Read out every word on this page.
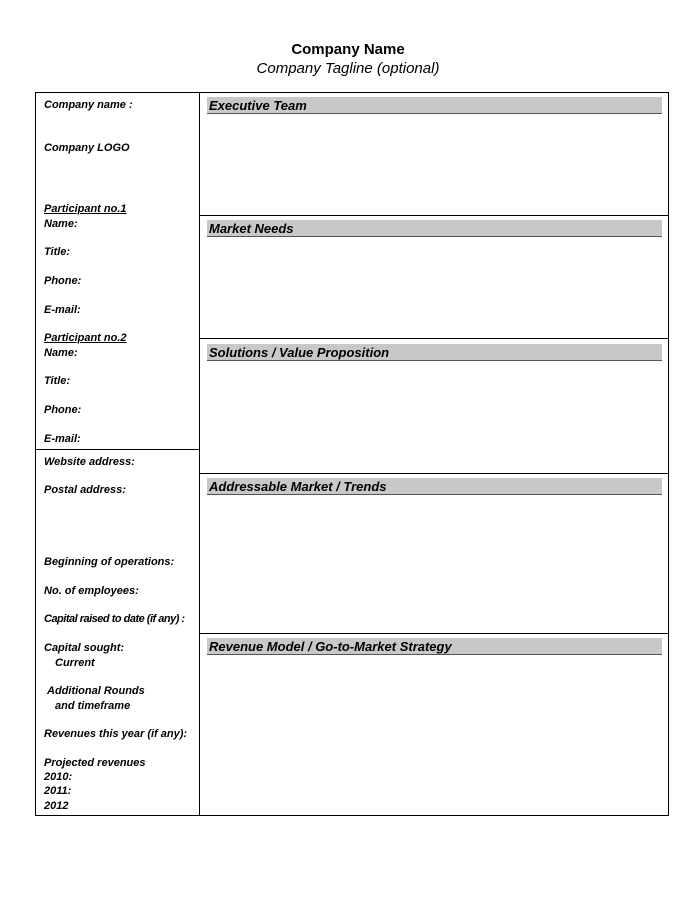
Company Name
Company Tagline (optional)
Company name :
Company LOGO
Participant no.1
Name:
Title:
Phone:
E-mail:
Participant no.2
Name:
Title:
Phone:
E-mail:
Website address:
Postal address:
Beginning of operations:
No. of employees:
Capital raised to date (if any) :
Capital sought:
Current
Additional Rounds
and timeframe
Revenues this year (if any):
Projected revenues
2010:
2011:
2012
Executive Team
Market Needs
Solutions / Value Proposition
Addressable Market / Trends
Revenue Model / Go-to-Market Strategy
